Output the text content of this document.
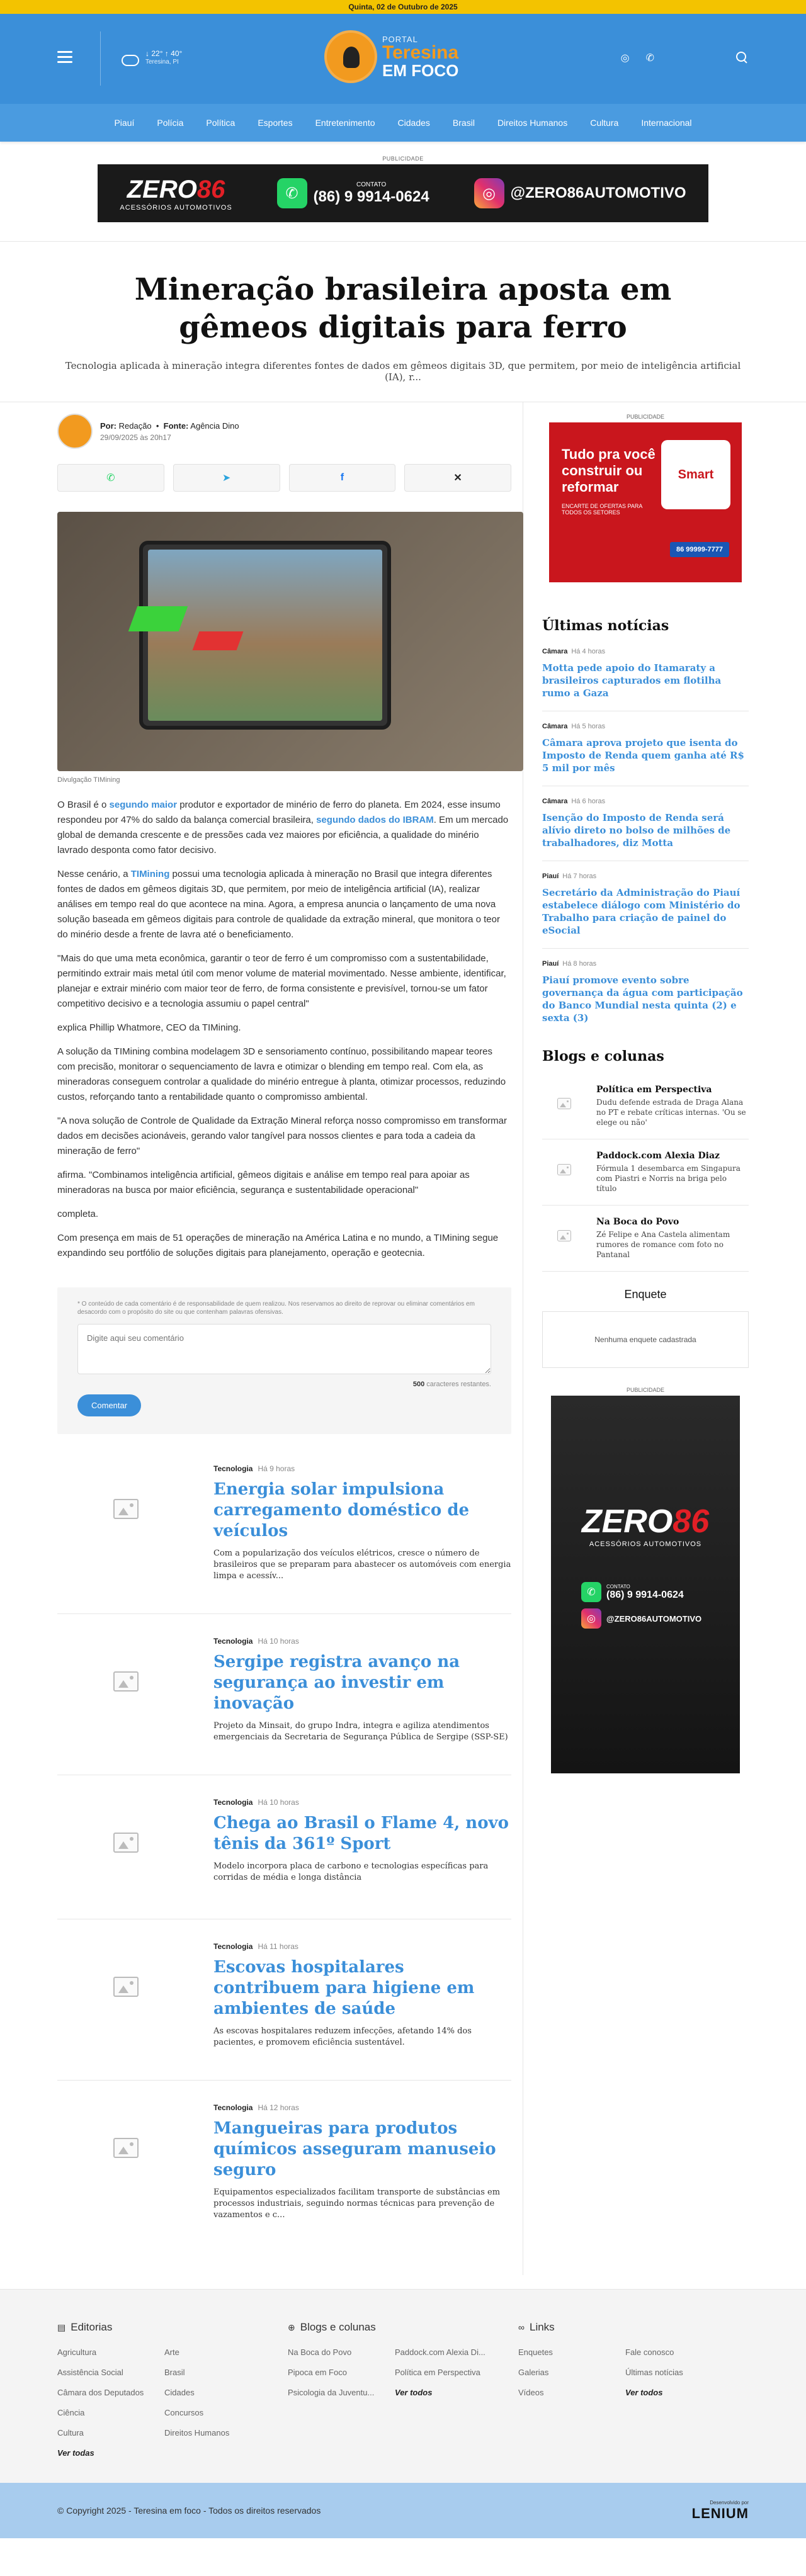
Quinta, 02 de Outubro de 2025
↓ 22° ↑ 40°
Teresina, PI
PORTAL
Teresina
EM FOCO
◎ ✆
Piauí	Polícia	Política	Esportes	Entretenimento	Cidades	Brasil	Direitos Humanos	Cultura	Internacional
PUBLICIDADE
ZERO86
ACESSÓRIOS AUTOMOTIVOS
✆
CONTATO
(86) 9 9914-0624	◎ @ZERO86AUTOMOTIVO
Mineração brasileira aposta em gêmeos digitais para ferro
Tecnologia aplicada à mineração integra diferentes fontes de dados em gêmeos digitais 3D, que permitem, por meio de inteligência artificial (IA), r...
Por: Redação  •  Fonte: Agência Dino
29/09/2025 às 20h17
✆	➤	f	✕
Divulgação TIMining

O Brasil é o segundo maior produtor e exportador de minério de ferro do planeta. Em 2024, esse insumo respondeu por 47% do saldo da balança comercial brasileira, segundo dados do IBRAM. Em um mercado global de demanda crescente e de pressões cada vez maiores por eficiência, a qualidade do minério lavrado desponta como fator decisivo.

Nesse cenário, a TIMining possui uma tecnologia aplicada à mineração no Brasil que integra diferentes fontes de dados em gêmeos digitais 3D, que permitem, por meio de inteligência artificial (IA), realizar análises em tempo real do que acontece na mina. Agora, a empresa anuncia o lançamento de uma nova solução baseada em gêmeos digitais para controle de qualidade da extração mineral, que monitora o teor do minério desde a frente de lavra até o beneficiamento.

"Mais do que uma meta econômica, garantir o teor de ferro é um compromisso com a sustentabilidade, permitindo extrair mais metal útil com menor volume de material movimentado. Nesse ambiente, identificar, planejar e extrair minério com maior teor de ferro, de forma consistente e previsível, tornou-se um fator competitivo decisivo e a tecnologia assumiu o papel central"

explica Phillip Whatmore, CEO da TIMining.

A solução da TIMining combina modelagem 3D e sensoriamento contínuo, possibilitando mapear teores com precisão, monitorar o sequenciamento de lavra e otimizar o blending em tempo real. Com ela, as mineradoras conseguem controlar a qualidade do minério entregue à planta, otimizar processos, reduzindo custos, reforçando tanto a rentabilidade quanto o compromisso ambiental.

"A nova solução de Controle de Qualidade da Extração Mineral reforça nosso compromisso em transformar dados em decisões acionáveis, gerando valor tangível para nossos clientes e para toda a cadeia da mineração de ferro"

afirma. "Combinamos inteligência artificial, gêmeos digitais e análise em tempo real para apoiar as mineradoras na busca por maior eficiência, segurança e sustentabilidade operacional"

completa.

Com presença em mais de 51 operações de mineração na América Latina e no mundo, a TIMining segue expandindo seu portfólio de soluções digitais para planejamento, operação e geotecnia.

* O conteúdo de cada comentário é de responsabilidade de quem realizou. Nos reservamos ao direito de reprovar ou eliminar comentários em desacordo com o propósito do site ou que contenham palavras ofensivas.
Digite aqui seu comentário
500 caracteres restantes.
Comentar
Tecnologia Há 9 horas
Energia solar impulsiona carregamento doméstico de veículos

Com a popularização dos veículos elétricos, cresce o número de brasileiros que se preparam para abastecer os automóveis com energia limpa e acessív...

Tecnologia Há 10 horas
Sergipe registra avanço na segurança ao investir em inovação

Projeto da Minsait, do grupo Indra, integra e agiliza atendimentos emergenciais da Secretaria de Segurança Pública de Sergipe (SSP-SE)

Tecnologia Há 10 horas
Chega ao Brasil o Flame 4, novo tênis da 361º Sport

Modelo incorpora placa de carbono e tecnologias específicas para corridas de média e longa distância

Tecnologia Há 11 horas
Escovas hospitalares contribuem para higiene em ambientes de saúde

As escovas hospitalares reduzem infecções, afetando 14% dos pacientes, e promovem eficiência sustentável.

Tecnologia Há 12 horas
Mangueiras para produtos químicos asseguram manuseio seguro

Equipamentos especializados facilitam transporte de substâncias em processos industriais, seguindo normas técnicas para prevenção de vazamentos e c...

PUBLICIDADE
Tudo pra você construir ou reformar
ENCARTE DE OFERTAS PARA TODOS OS SETORES
Smart
86 99999-7777
Últimas notícias
Câmara Há 4 horas
Motta pede apoio do Itamaraty a brasileiros capturados em flotilha rumo a Gaza
Câmara Há 5 horas
Câmara aprova projeto que isenta do Imposto de Renda quem ganha até R$ 5 mil por mês
Câmara Há 6 horas
Isenção do Imposto de Renda será alívio direto no bolso de milhões de trabalhadores, diz Motta
Piauí Há 7 horas
Secretário da Administração do Piauí estabelece diálogo com Ministério do Trabalho para criação de painel do eSocial
Piauí Há 8 horas
Piauí promove evento sobre governança da água com participação do Banco Mundial nesta quinta (2) e sexta (3)
Blogs e colunas
Política em Perspectiva

Dudu defende estrada de Draga Alana no PT e rebate críticas internas. 'Ou se elege ou não'

Paddock.com Alexia Diaz

Fórmula 1 desembarca em Singapura com Piastri e Norris na briga pelo título

Na Boca do Povo

Zé Felipe e Ana Castela alimentam rumores de romance com foto no Pantanal

Enquete
Nenhuma enquete cadastrada
PUBLICIDADE
ZERO86
ACESSÓRIOS AUTOMOTIVOS
✆
CONTATO
(86) 9 9914-0624
◎	@ZERO86AUTOMOTIVO
▤ Editorias
Agricultura	Arte
Assistência Social	Brasil
Câmara dos Deputados	Cidades
Ciência	Concursos
Cultura	Direitos Humanos
Ver todas
⊕ Blogs e colunas
Na Boca do Povo	Paddock.com Alexia Di...
Pipoca em Foco	Política em Perspectiva
Psicologia da Juventu...	Ver todos
∞ Links
Enquetes	Fale conosco
Galerias	Últimas notícias
Vídeos	Ver todos
© Copyright 2025 - Teresina em foco - Todos os direitos reservados
Desenvolvido por
LENIUM
